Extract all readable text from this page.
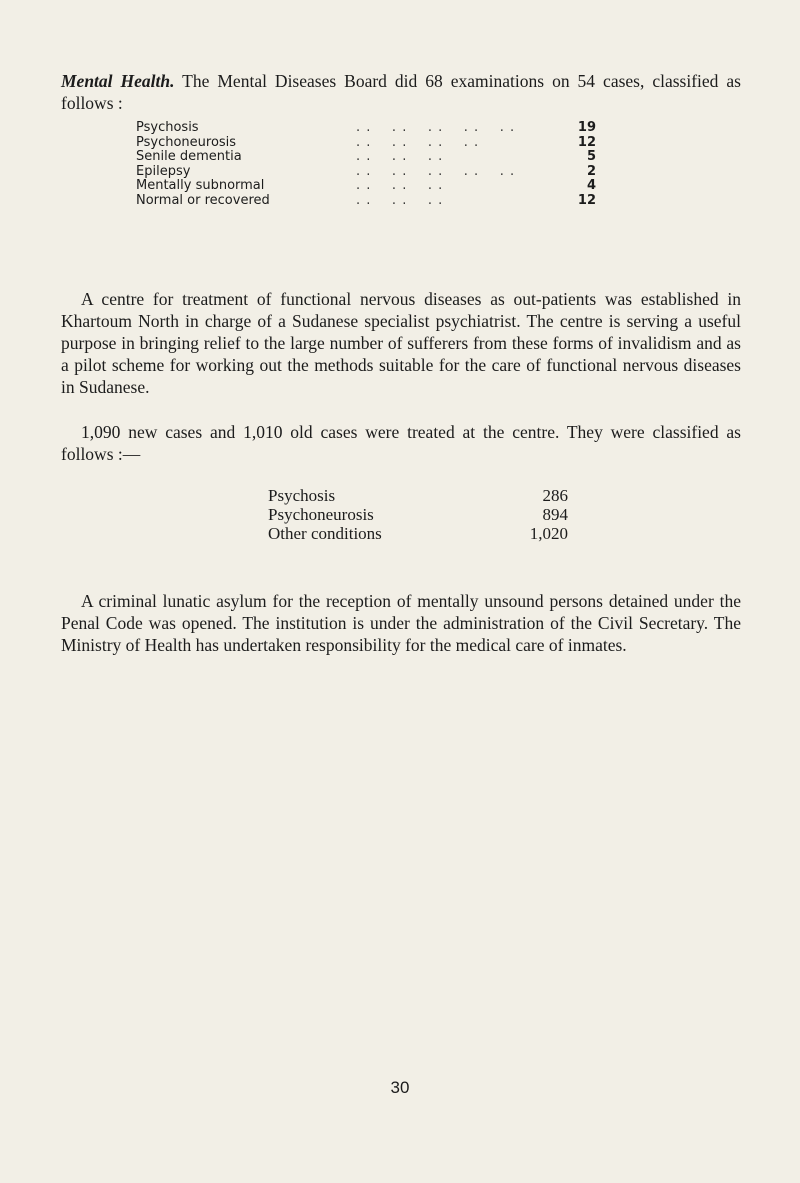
Mental Health. The Mental Diseases Board did 68 examinations on 54 cases, classified as follows :

Psychosis	. .    . .    . .    . .    . .	19
Psychoneurosis	. .    . .    . .    . .	12
Senile dementia	. .    . .    . .	5
Epilepsy	. .    . .    . .    . .    . .	2
Mentally subnormal	. .    . .    . .	4
Normal or recovered	. .    . .    . .	12

A centre for treatment of functional nervous diseases as out-patients was established in Khartoum North in charge of a Sudanese specialist psychiatrist. The centre is serving a useful purpose in bringing relief to the large number of sufferers from these forms of invalidism and as a pilot scheme for working out the methods suitable for the care of functional nervous diseases in Sudanese.

1,090 new cases and 1,010 old cases were treated at the centre. They were classified as follows :—

Psychosis	286
Psychoneurosis	894
Other conditions	1,020

A criminal lunatic asylum for the reception of mentally unsound persons detained under the Penal Code was opened. The institution is under the administration of the Civil Secretary. The Ministry of Health has undertaken responsibility for the medical care of inmates.

30
